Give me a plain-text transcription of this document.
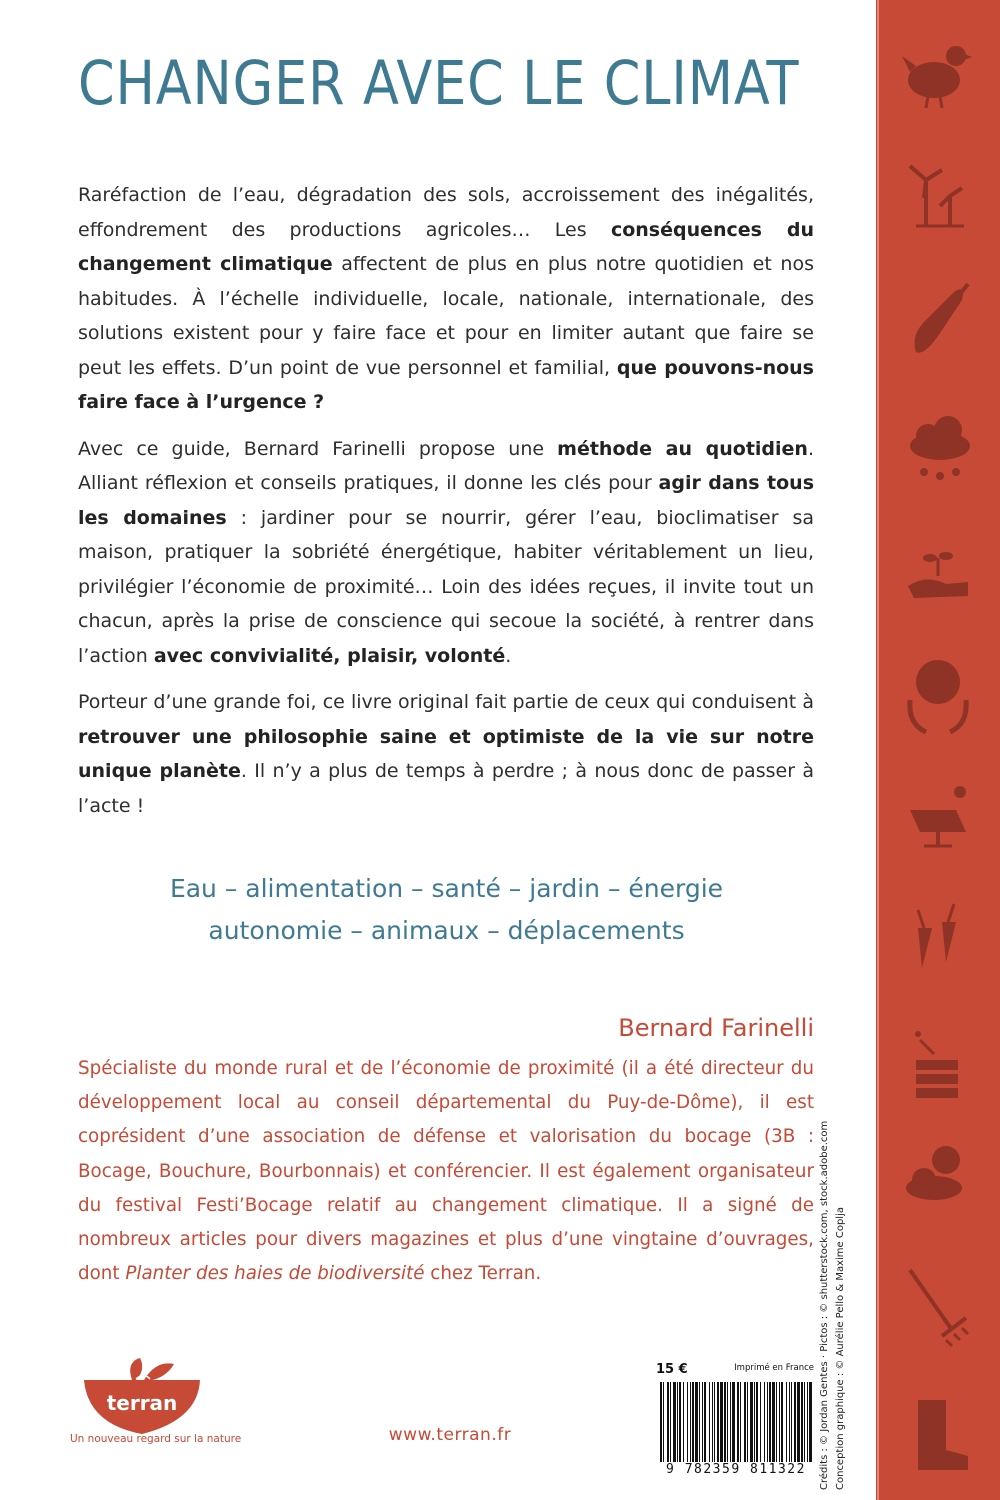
CHANGER AVEC LE CLIMAT

Raréfaction de l’eau, dégradation des sols, accroissement des inégalités, effondrement des productions agricoles… Les conséquences du changement climatique affectent de plus en plus notre quotidien et nos habitudes. À l’échelle individuelle, locale, nationale, internationale, des solutions existent pour y faire face et pour en limiter autant que faire se peut les effets. D’un point de vue personnel et familial, que pouvons-nous faire face à l’urgence ?

Avec ce guide, Bernard Farinelli propose une méthode au quotidien. Alliant réflexion et conseils pratiques, il donne les clés pour agir dans tous les domaines : jardiner pour se nourrir, gérer l’eau, bioclimatiser sa maison, pratiquer la sobriété énergétique, habiter véritablement un lieu, privilégier l’économie de proximité… Loin des idées reçues, il invite tout un chacun, après la prise de conscience qui secoue la société, à rentrer dans l’action avec convivialité, plaisir, volonté.

Porteur d’une grande foi, ce livre original fait partie de ceux qui conduisent à retrouver une philosophie saine et optimiste de la vie sur notre unique planète. Il n’y a plus de temps à perdre ; à nous donc de passer à l’acte !

Eau – alimentation – santé – jardin – énergie
autonomie – animaux – déplacements
Bernard Farinelli
Spécialiste du monde rural et de l’économie de proximité (il a été directeur du développement local au conseil départemental du Puy-de-Dôme), il est coprésident d’une association de défense et valorisation du bocage (3B : Bocage, Bouchure, Bourbonnais) et conférencier. Il est également organisateur du festival Festi’Bocage relatif au changement climatique. Il a signé de nombreux articles pour divers magazines et plus d’une vingtaine d’ouvrages, dont Planter des haies de biodiversité chez Terran.
terran
Un nouveau regard sur la nature	www.terran.fr
15 €	Imprimé en France
9 782359 811322	Crédits : © Jordan Gentes · Pictos : © shutterstock.com, stock.adobe.com Conception graphique : © Aurélie Pello & Maxime Coplja
